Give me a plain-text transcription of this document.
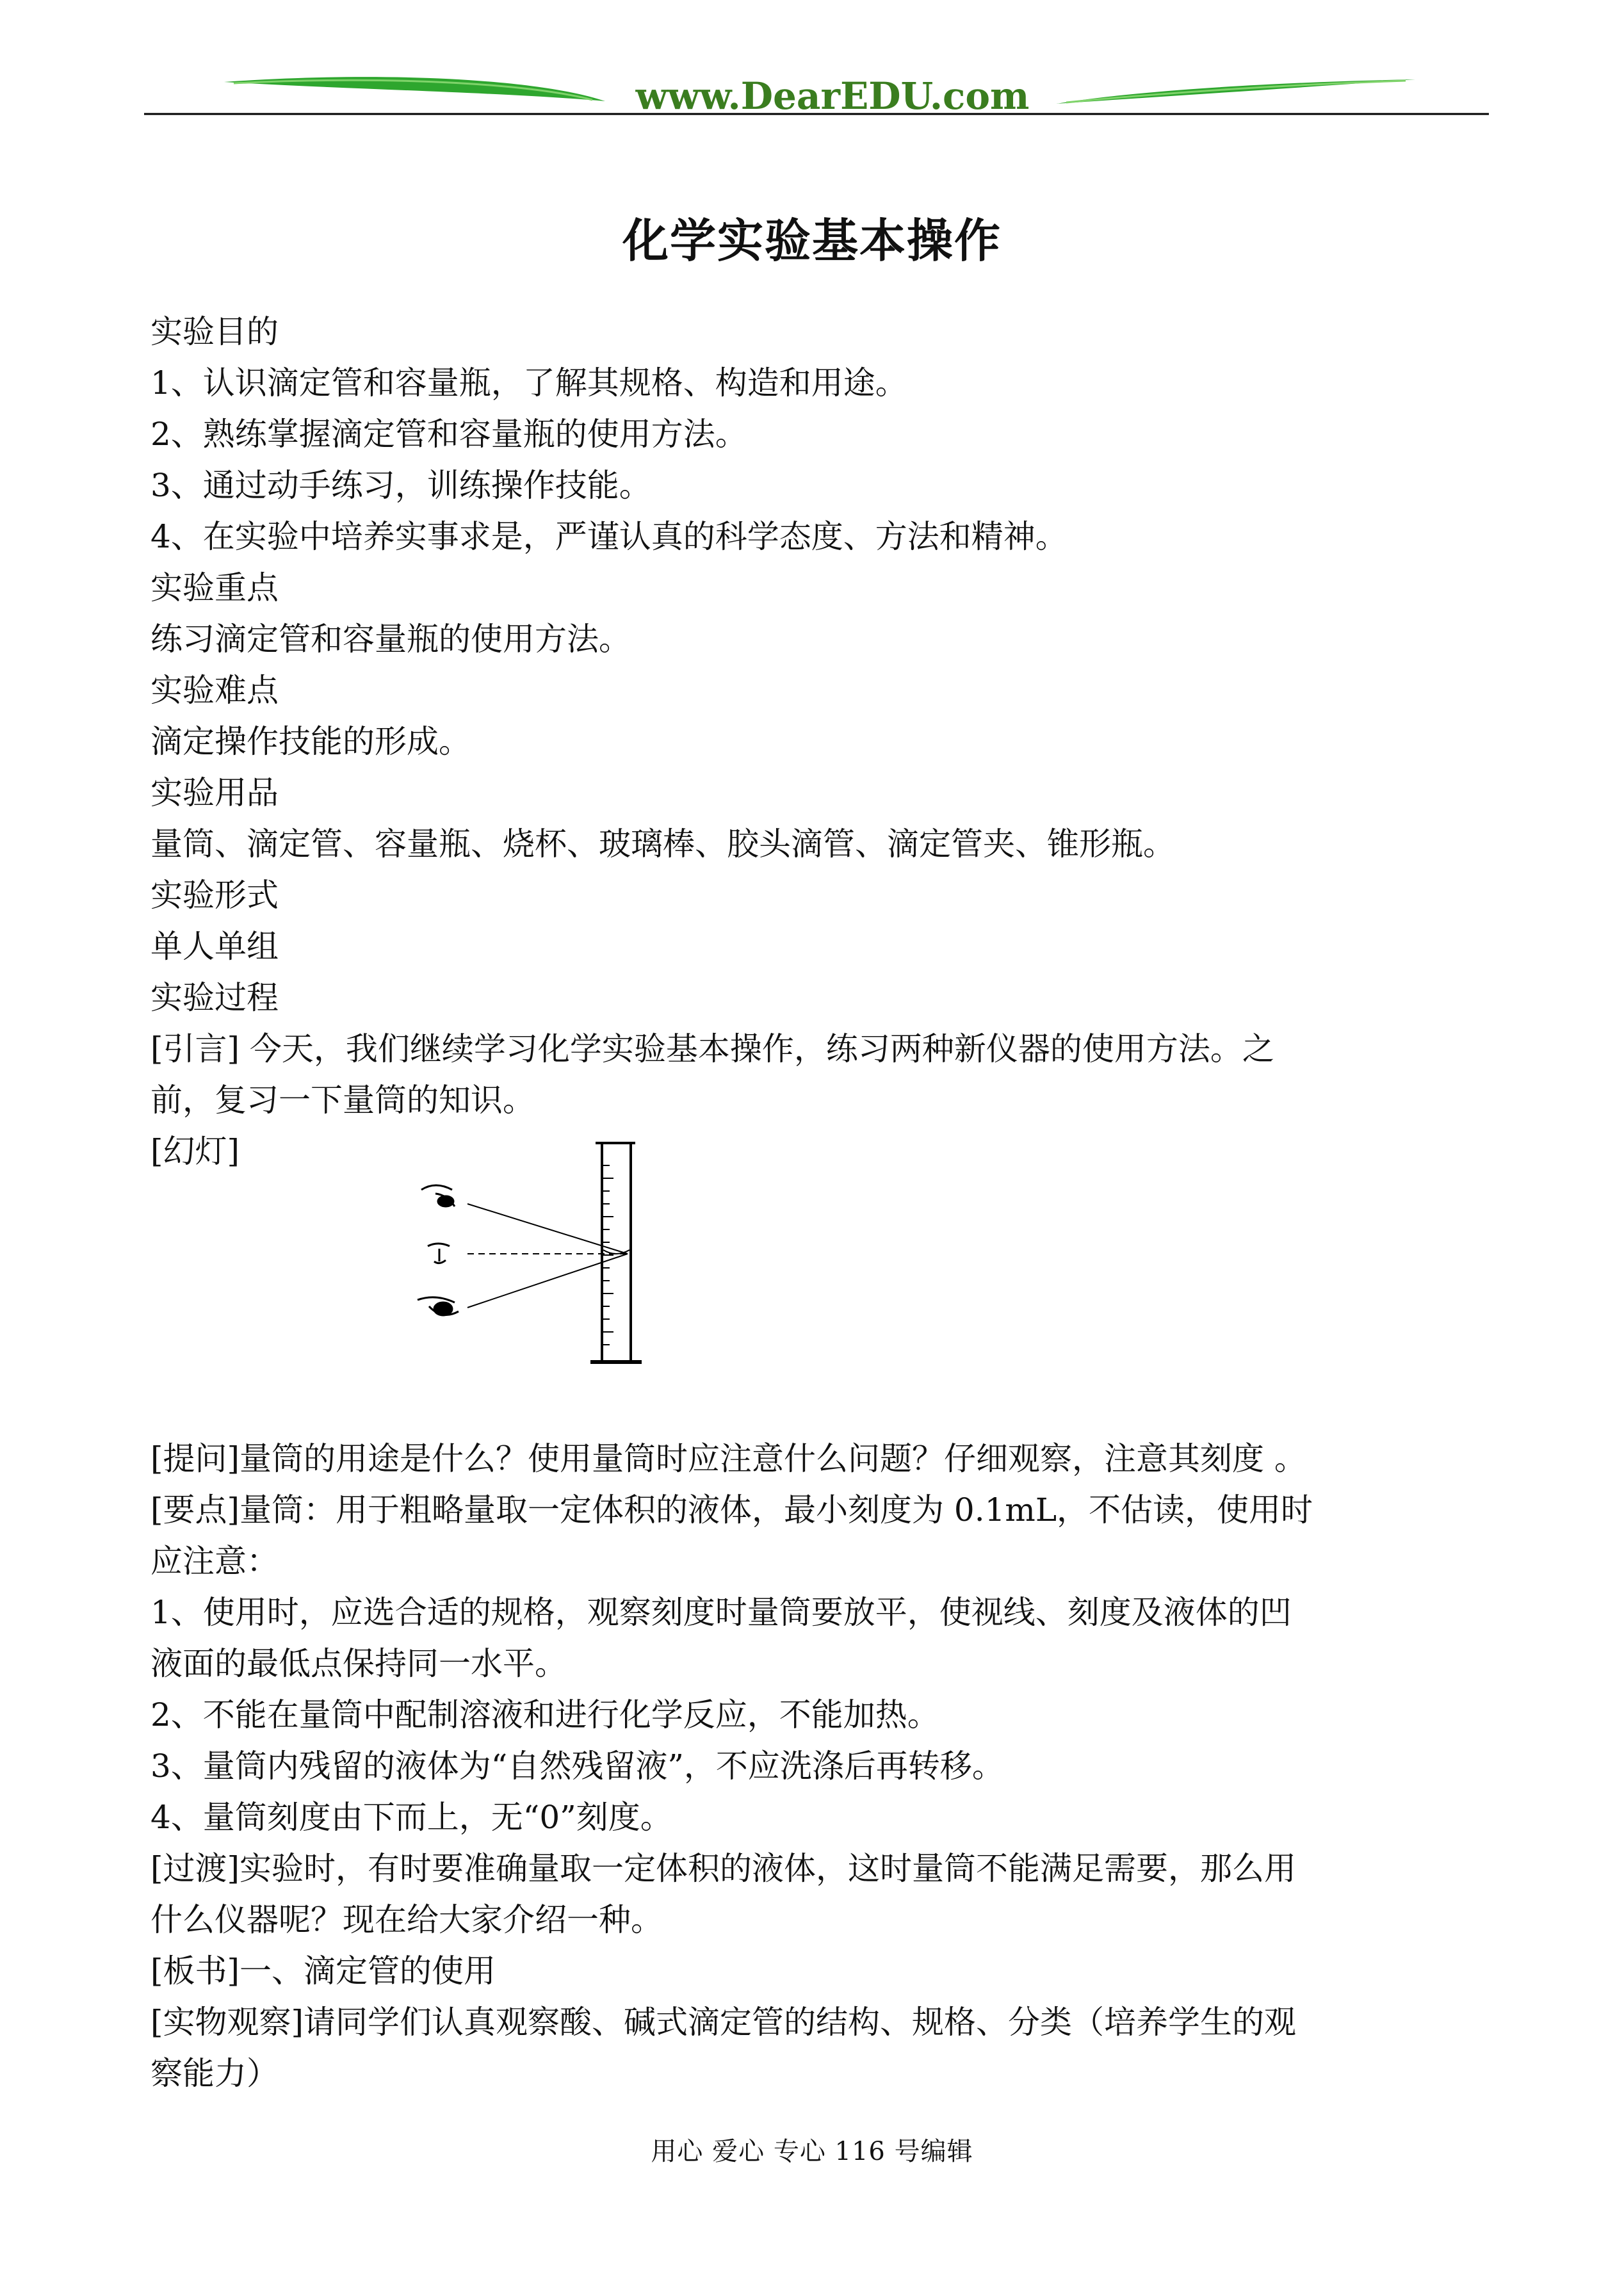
www.DearEDU.com
化学实验基本操作
实验目的
1、认识滴定管和容量瓶，了解其规格、构造和用途。
2、熟练掌握滴定管和容量瓶的使用方法。
3、通过动手练习，训练操作技能。
4、在实验中培养实事求是，严谨认真的科学态度、方法和精神。
实验重点
练习滴定管和容量瓶的使用方法。
实验难点
滴定操作技能的形成。
实验用品
量筒、滴定管、容量瓶、烧杯、玻璃棒、胶头滴管、滴定管夹、锥形瓶。
实验形式
单人单组
实验过程
[引言] 今天，我们继续学习化学实验基本操作，练习两种新仪器的使用方法。之
前，复习一下量筒的知识。
[幻灯]
[提问]量筒的用途是什么？使用量筒时应注意什么问题？仔细观察，注意其刻度 。
[要点]量筒：用于粗略量取一定体积的液体，最小刻度为 0.1mL，不估读，使用时
应注意：
1、使用时，应选合适的规格，观察刻度时量筒要放平，使视线、刻度及液体的凹
液面的最低点保持同一水平。
2、不能在量筒中配制溶液和进行化学反应，不能加热。
3、量筒内残留的液体为“自然残留液”，不应洗涤后再转移。
4、量筒刻度由下而上，无“0”刻度。
[过渡]实验时，有时要准确量取一定体积的液体，这时量筒不能满足需要，那么用
什么仪器呢？现在给大家介绍一种。
[板书]一、滴定管的使用
[实物观察]请同学们认真观察酸、碱式滴定管的结构、规格、分类（培养学生的观
察能力）
用心 爱心 专心 116 号编辑
